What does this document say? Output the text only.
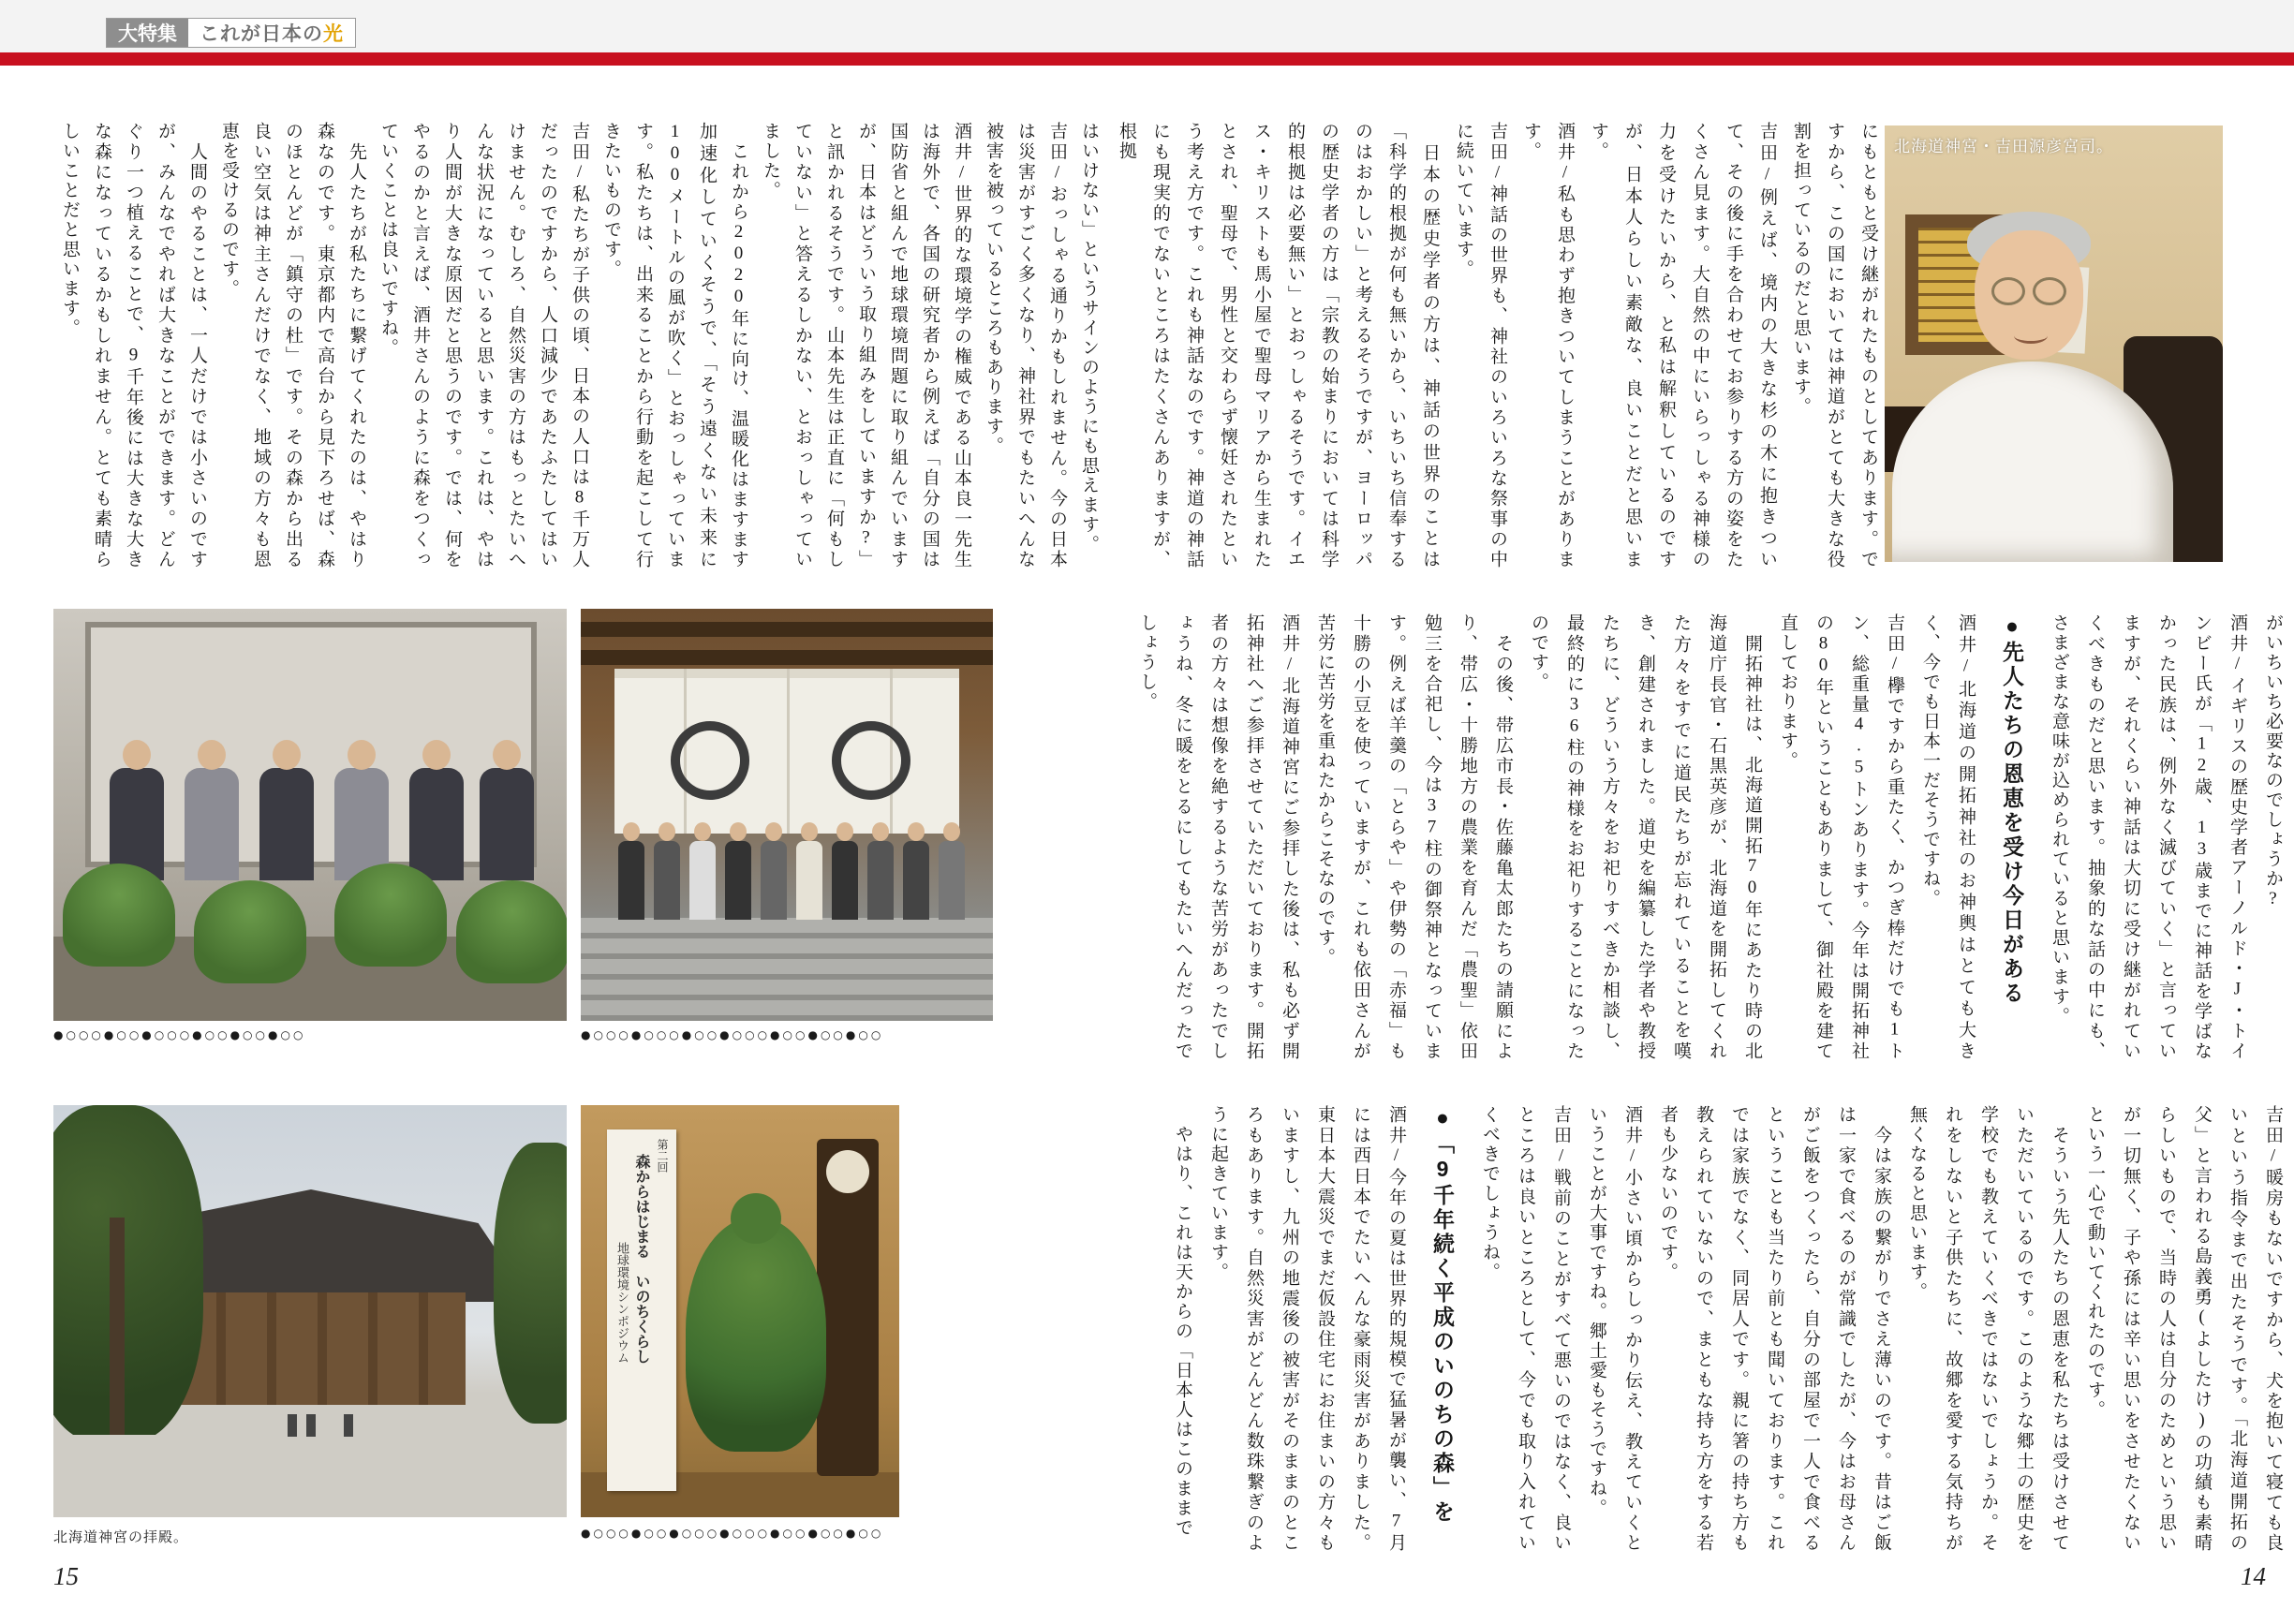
大特集	これが日本の 光

はいけない」というサインのようにも思えます。

吉田/おっしゃる通りかもしれません。今の日本は災害がすごく多くなり、神社界でもたいへんな被害を被っているところもあります。

酒井/世界的な環境学の権威である山本良一先生は海外で、各国の研究者から例えば「自分の国は国防省と組んで地球環境問題に取り組んでいますが、日本はどういう取り組みをしていますか?」と訊かれるそうです。山本先生は正直に「何もしていない」と答えるしかない、とおっしゃっていました。

　これから2020年に向け、温暖化はますます加速化していくそうで、「そう遠くない未来に100メートルの風が吹く」とおっしゃっています。私たちは、出来ることから行動を起こして行きたいものです。

吉田/私たちが子供の頃、日本の人口は8千万人だったのですから、人口減少であたふたしてはいけません。むしろ、自然災害の方はもっとたいへんな状況になっていると思います。これは、やはり人間が大きな原因だと思うのです。では、何をやるのかと言えば、酒井さんのように森をつくっていくことは良いですね。

　先人たちが私たちに繋げてくれたのは、やはり森なのです。東京都内で高台から見下ろせば、森のほとんどが「鎮守の杜」です。その森から出る良い空気は神主さんだけでなく、地域の方々も恩恵を受けるのです。

　人間のやることは、一人だけでは小さいのですが、みんなでやれば大きなことができます。どんぐり一つ植えることで、9千年後には大きな大きな森になっているかもしれません。とても素晴らしいことだと思います。

●○○○●○○●○○○●○○●○○●○○	●○○○●○○○●○○●○○○●○○●○○●○○
北海道神宮の拝殿。
第二回
森からはじまる　いのちくらし
地球環境シンポジウム
●○○○●○○●○○○●○○○●○○●○○●○○
15

にもともと受け継がれたものとしてあります。ですから、この国においては神道がとても大きな役割を担っているのだと思います。

吉田/例えば、境内の大きな杉の木に抱きついて、その後に手を合わせてお参りする方の姿をたくさん見ます。大自然の中にいらっしゃる神様の力を受けたいから、と私は解釈しているのですが、日本人らしい素敵な、良いことだと思います。

酒井/私も思わず抱きついてしまうことがあります。

吉田/神話の世界も、神社のいろいろな祭事の中に続いています。

　日本の歴史学者の方は、神話の世界のことは「科学的根拠が何も無いから、いちいち信奉するのはおかしい」と考えるそうですが、ヨーロッパの歴史学者の方は「宗教の始まりにおいては科学的根拠は必要無い」とおっしゃるそうです。イエス・キリストも馬小屋で聖母マリアから生まれたとされ、聖母で、男性と交わらず懐妊されたという考え方です。これも神話なのです。神道の神話にも現実的でないところはたくさんありますが、根拠	北海道神宮・吉田源彦宮司。

がいちいち必要なのでしょうか?

酒井/イギリスの歴史学者アーノルド・J・トインビー氏が「12歳、13歳までに神話を学ばなかった民族は、例外なく滅びていく」と言っていますが、それくらい神話は大切に受け継がれていくべきものだと思います。抽象的な話の中にも、さまざまな意味が込められていると思います。

●先人たちの恩恵を受け今日がある

酒井/北海道の開拓神社のお神輿はとても大きく、今でも日本一だそうですね。

吉田/欅ですから重たく、かつぎ棒だけでも1トン、総重量4.5トンあります。今年は開拓神社の80年ということもありまして、御社殿を建て直しております。

　開拓神社は、北海道開拓70年にあたり時の北海道庁長官・石黒英彦が、北海道を開拓してくれた方々をすでに道民たちが忘れていることを嘆き、創建されました。道史を編纂した学者や教授たちに、どういう方々をお祀りすべきか相談し、最終的に36柱の神様をお祀りすることになったのです。

　その後、帯広市長・佐藤亀太郎たちの請願により、帯広・十勝地方の農業を育んだ「農聖」依田勉三を合祀し、今は37柱の御祭神となっています。例えば羊羹の「とらや」や伊勢の「赤福」も十勝の小豆を使っていますが、これも依田さんが苦労に苦労を重ねたからこそなのです。

酒井/北海道神宮にご参拝した後は、私も必ず開拓神社へご参拝させていただいております。開拓者の方々は想像を絶するような苦労があったでしょうね、冬に暖をとるにしてもたいへんだったでしょうし。

吉田/暖房もないですから、犬を抱いて寝ても良いという指令まで出たそうです。「北海道開拓の父」と言われる島義勇(よしたけ)の功績も素晴らしいもので、当時の人は自分のためという思いが一切無く、子や孫には辛い思いをさせたくないという一心で動いてくれたのです。

　そういう先人たちの恩恵を私たちは受けさせていただいているのです。このような郷土の歴史を学校でも教えていくべきではないでしょうか。それをしないと子供たちに、故郷を愛する気持ちが無くなると思います。

　今は家族の繋がりでさえ薄いのです。昔はご飯は一家で食べるのが常識でしたが、今はお母さんがご飯をつくったら、自分の部屋で一人で食べるということも当たり前とも聞いております。これでは家族でなく、同居人です。親に箸の持ち方も教えられていないので、まともな持ち方をする若者も少ないのです。

酒井/小さい頃からしっかり伝え、教えていくということが大事ですね。郷土愛もそうですね。

吉田/戦前のことがすべて悪いのではなく、良いところは良いところとして、今でも取り入れていくべきでしょうね。

●「9千年続く平成のいのちの森」を

酒井/今年の夏は世界的規模で猛暑が襲い、7月には西日本でたいへんな豪雨災害がありました。東日本大震災でまだ仮設住宅にお住まいの方々もいますし、九州の地震後の被害がそのままのところもあります。自然災害がどんどん数珠繋ぎのように起きています。

　やはり、これは天からの「日本人はこのままで

14
